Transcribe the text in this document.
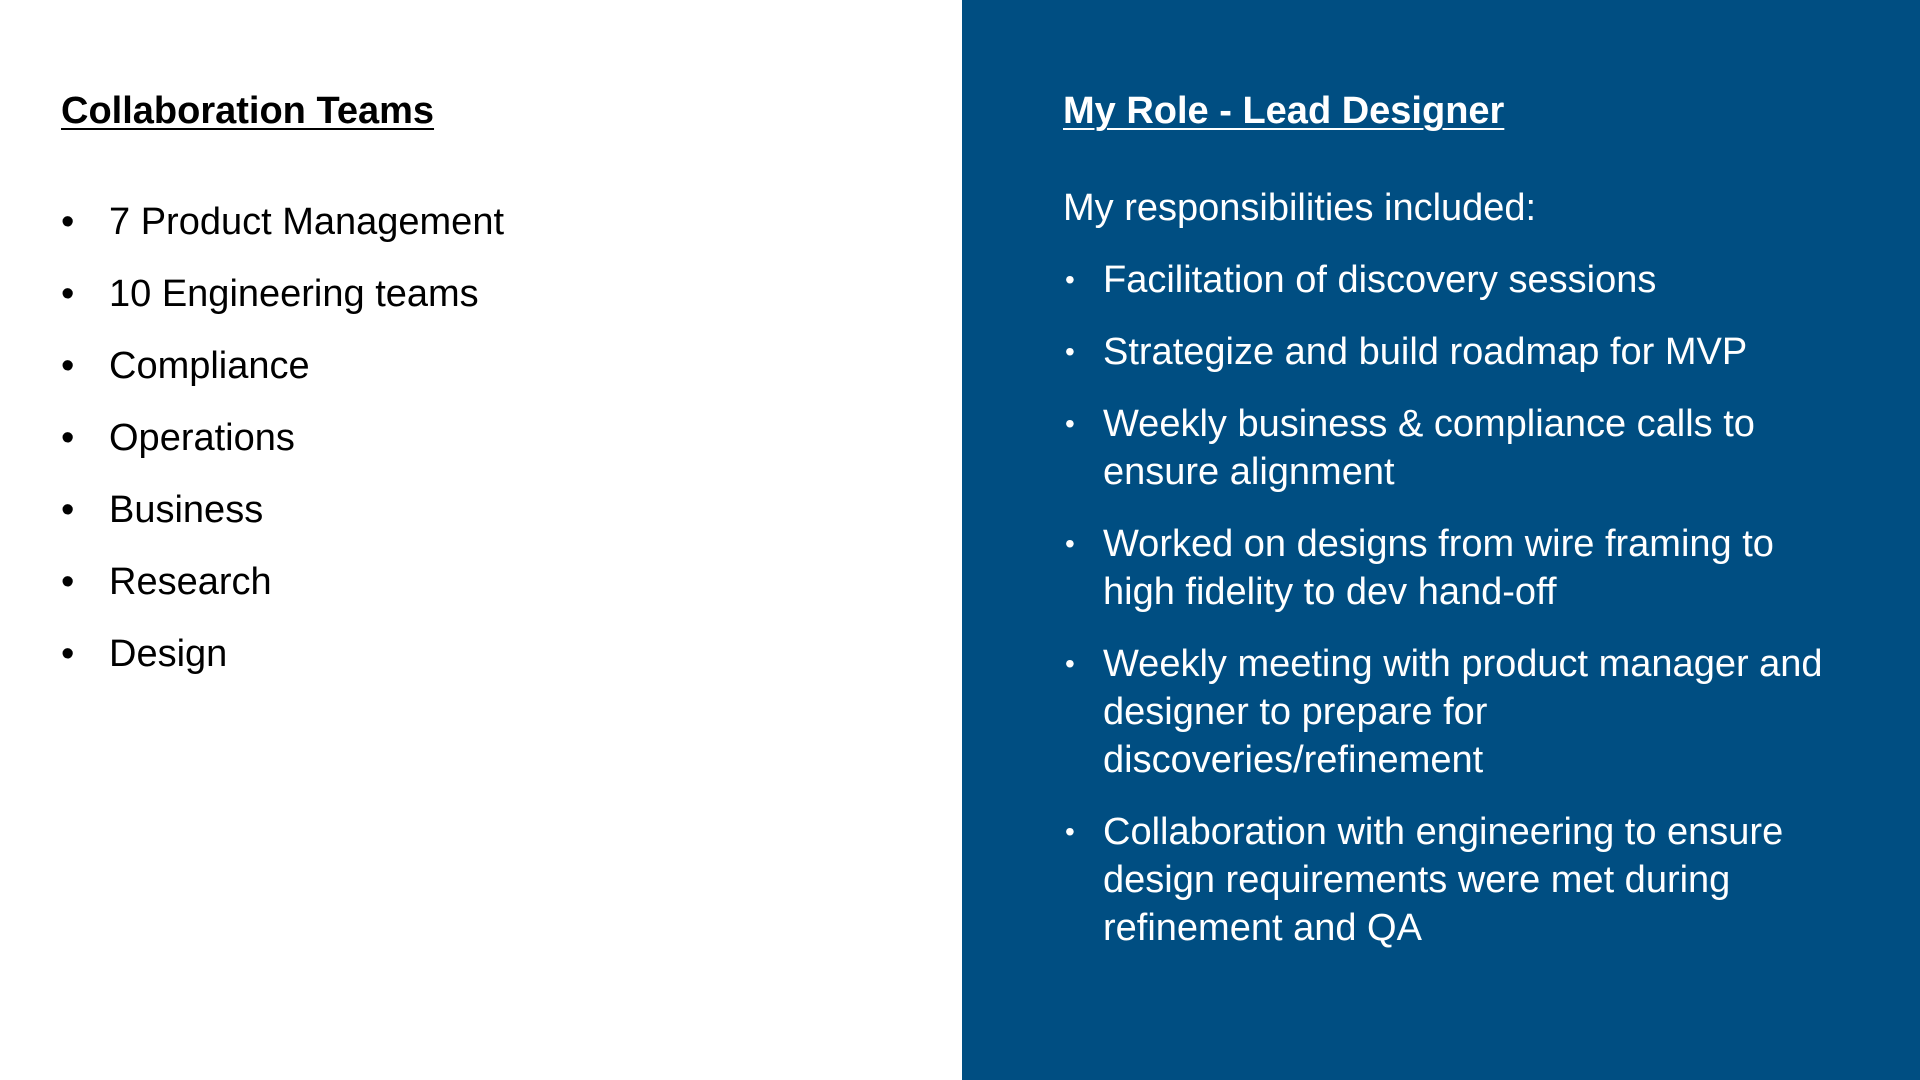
Collaboration Teams
• 7 Product Management
• 10 Engineering teams
• Compliance
• Operations
• Business
• Research
• Design
My Role - Lead Designer

My responsibilities included:

• Facilitation of discovery sessions
• Strategize and build roadmap for MVP
• Weekly business & compliance calls to ensure alignment
• Worked on designs from wire framing to high fidelity to dev hand-off
• Weekly meeting with product manager and designer to prepare for discoveries/refinement
• Collaboration with engineering to ensure design requirements were met during refinement and QA
